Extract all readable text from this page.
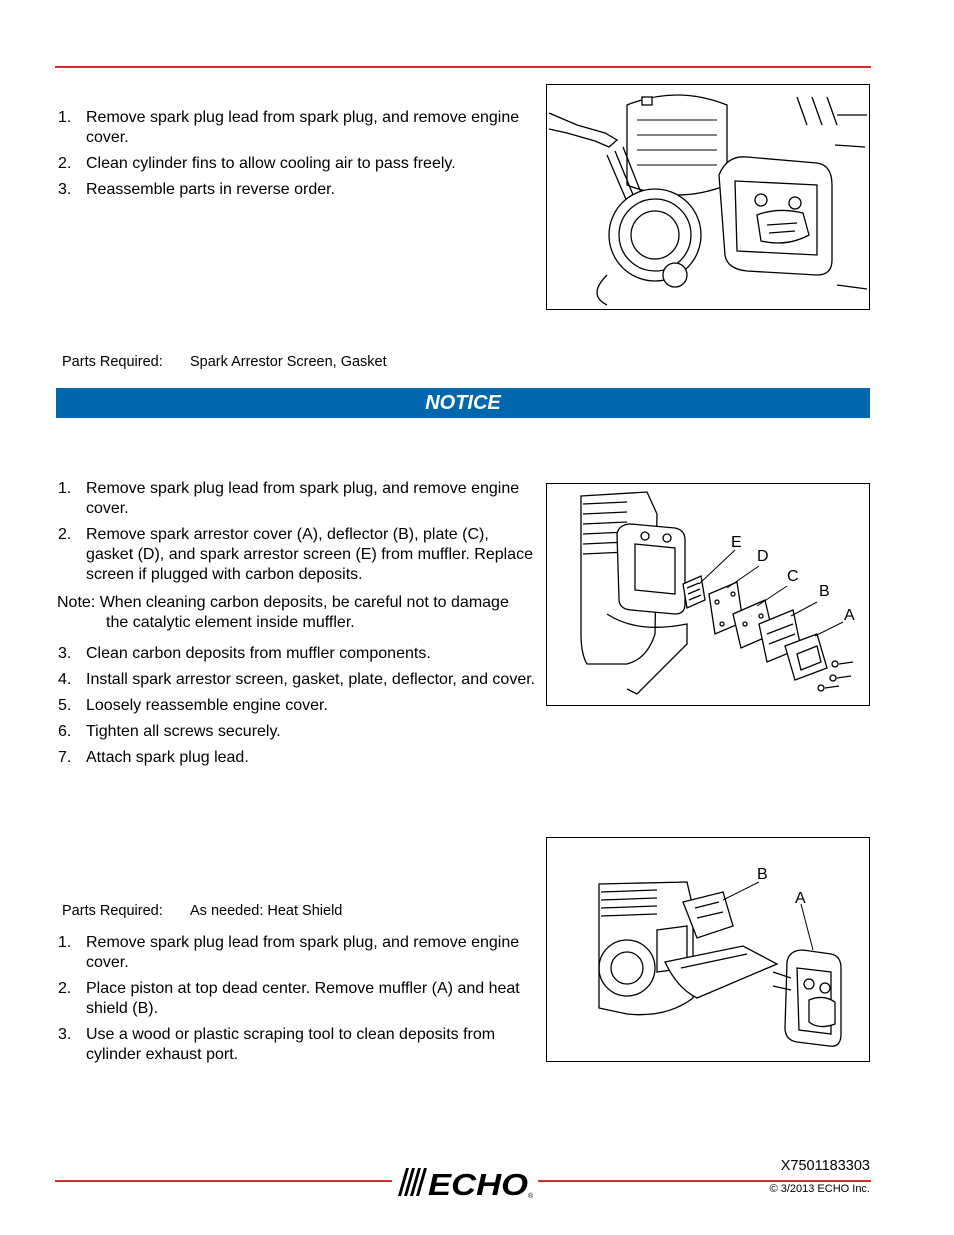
1. Remove spark plug lead from spark plug, and remove engine cover.
2. Clean cylinder fins to allow cooling air to pass freely.
3. Reassemble parts in reverse order.
Parts Required: Spark Arrestor Screen, Gasket
NOTICE
1. Remove spark plug lead from spark plug, and remove engine cover.
2. Remove spark arrestor cover (A), deflector (B), plate (C), gasket (D), and spark arrestor screen (E) from muffler. Replace screen if plugged with carbon deposits.
Note: When cleaning carbon deposits, be careful not to damage
the catalytic element inside muffler.
3. Clean carbon deposits from muffler components.
4. Install spark arrestor screen, gasket, plate, deflector, and cover.
5. Loosely reassemble engine cover.
6. Tighten all screws securely.
7. Attach spark plug lead.
E
D
C
B
A
Parts Required: As needed: Heat Shield
1. Remove spark plug lead from spark plug, and remove engine cover.
2. Place piston at top dead center. Remove muffler (A) and heat shield (B).
3. Use a wood or plastic scraping tool to clean deposits from cylinder exhaust port.
B
A
X7501183303
© 3/2013 ECHO Inc.
ECHO ®
